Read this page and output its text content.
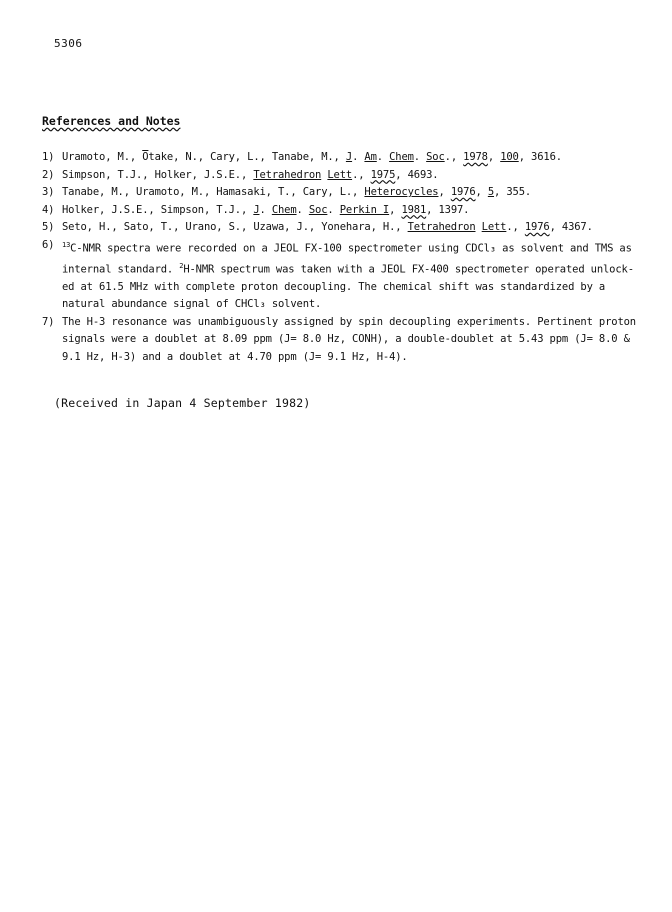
5306
References and Notes
1) Uramoto, M., $\overline{O}take$, N., Cary, L., Tanabe, M., J. Am. Chem. Soc., 1978, 100, 3616.
2) Simpson, T.J., Holker, J.S.E., Tetrahedron Lett., 1975, 4693.
3) Tanabe, M., Uramoto, M., Hamasaki, T., Cary, L., Heterocycles, 1976, 5, 355.
4) Holker, J.S.E., Simpson, T.J., J. Chem. Soc. Perkin I, 1981, 1397.
5) Seto, H., Sato, T., Urano, S., Uzawa, J., Yonehara, H., Tetrahedron Lett., 1976, 4367.
6)	$^{13}$C-NMR spectra were recorded on a JEOL FX-100 spectrometer using CDCl₃ as solvent and TMS as
internal standard. $^2$H-NMR spectrum was taken with a JEOL FX-400 spectrometer operated unlock-
ed at 61.5 MHz with complete proton decoupling. The chemical shift was standardized by a
natural abundance signal of CHCl₃ solvent.
7) The H-3 resonance was unambiguously assigned by spin decoupling experiments. Pertinent proton
signals were a doublet at 8.09 ppm (J= 8.0 Hz, CONH), a double-doublet at 5.43 ppm (J= 8.0 &
9.1 Hz, H-3) and a doublet at 4.70 ppm (J= 9.1 Hz, H-4).
(Received in Japan 4 September 1982)
